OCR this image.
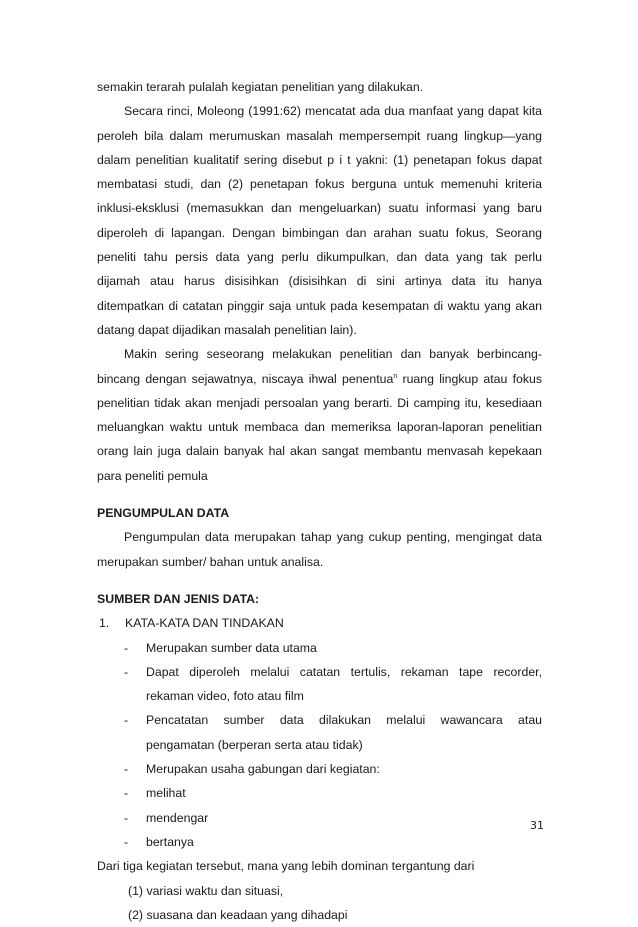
semakin terarah pulalah kegiatan penelitian yang dilakukan.

Secara rinci, Moleong (1991:62) mencatat ada dua manfaat yang dapat kita peroleh bila dalam merumuskan masalah mempersempit ruang lingkup—yang dalam penelitian kualitatif sering disebut p i t yakni: (1) penetapan fokus dapat membatasi studi, dan (2) penetapan fokus berguna untuk memenuhi kriteria inklusi-eksklusi (memasukkan dan mengeluarkan) suatu informasi yang baru diperoleh di lapangan. Dengan bimbingan dan arahan suatu fokus, Seorang peneliti tahu persis data yang perlu dikumpulkan, dan data yang tak perlu dijamah atau harus disisihkan (disisihkan di sini artinya data itu hanya ditempatkan di catatan pinggir saja untuk pada kesempatan di waktu yang akan datang dapat dijadikan masalah penelitian lain).

Makin sering seseorang melakukan penelitian dan banyak berbincang-bincang dengan sejawatnya, niscaya ihwal penentua$^n$ ruang lingkup atau fokus penelitian tidak akan menjadi persoalan yang berarti. Di camping itu, kesediaan meluangkan waktu untuk membaca dan memeriksa laporan-laporan penelitian orang lain juga dalain banyak hal akan sangat membantu menvasah kepekaan para peneliti pemula

PENGUMPULAN DATA

Pengumpulan data merupakan tahap yang cukup penting, mengingat data merupakan sumber/ bahan untuk analisa.

SUMBER DAN JENIS DATA:

1.	KATA-KATA DAN TINDAKAN
-	Merupakan sumber data utama
-	Dapat diperoleh melalui catatan tertulis, rekaman tape recorder, rekaman video, foto atau film
-	Pencatatan sumber data dilakukan melalui wawancara atau pengamatan (berperan serta atau tidak)
-	Merupakan usaha gabungan dari kegiatan:
-	melihat
-	mendengar
-	bertanya

Dari tiga kegiatan tersebut, mana yang lebih dominan tergantung dari

(1) variasi waktu dan situasi,

(2) suasana dan keadaan yang dihadapi

31
